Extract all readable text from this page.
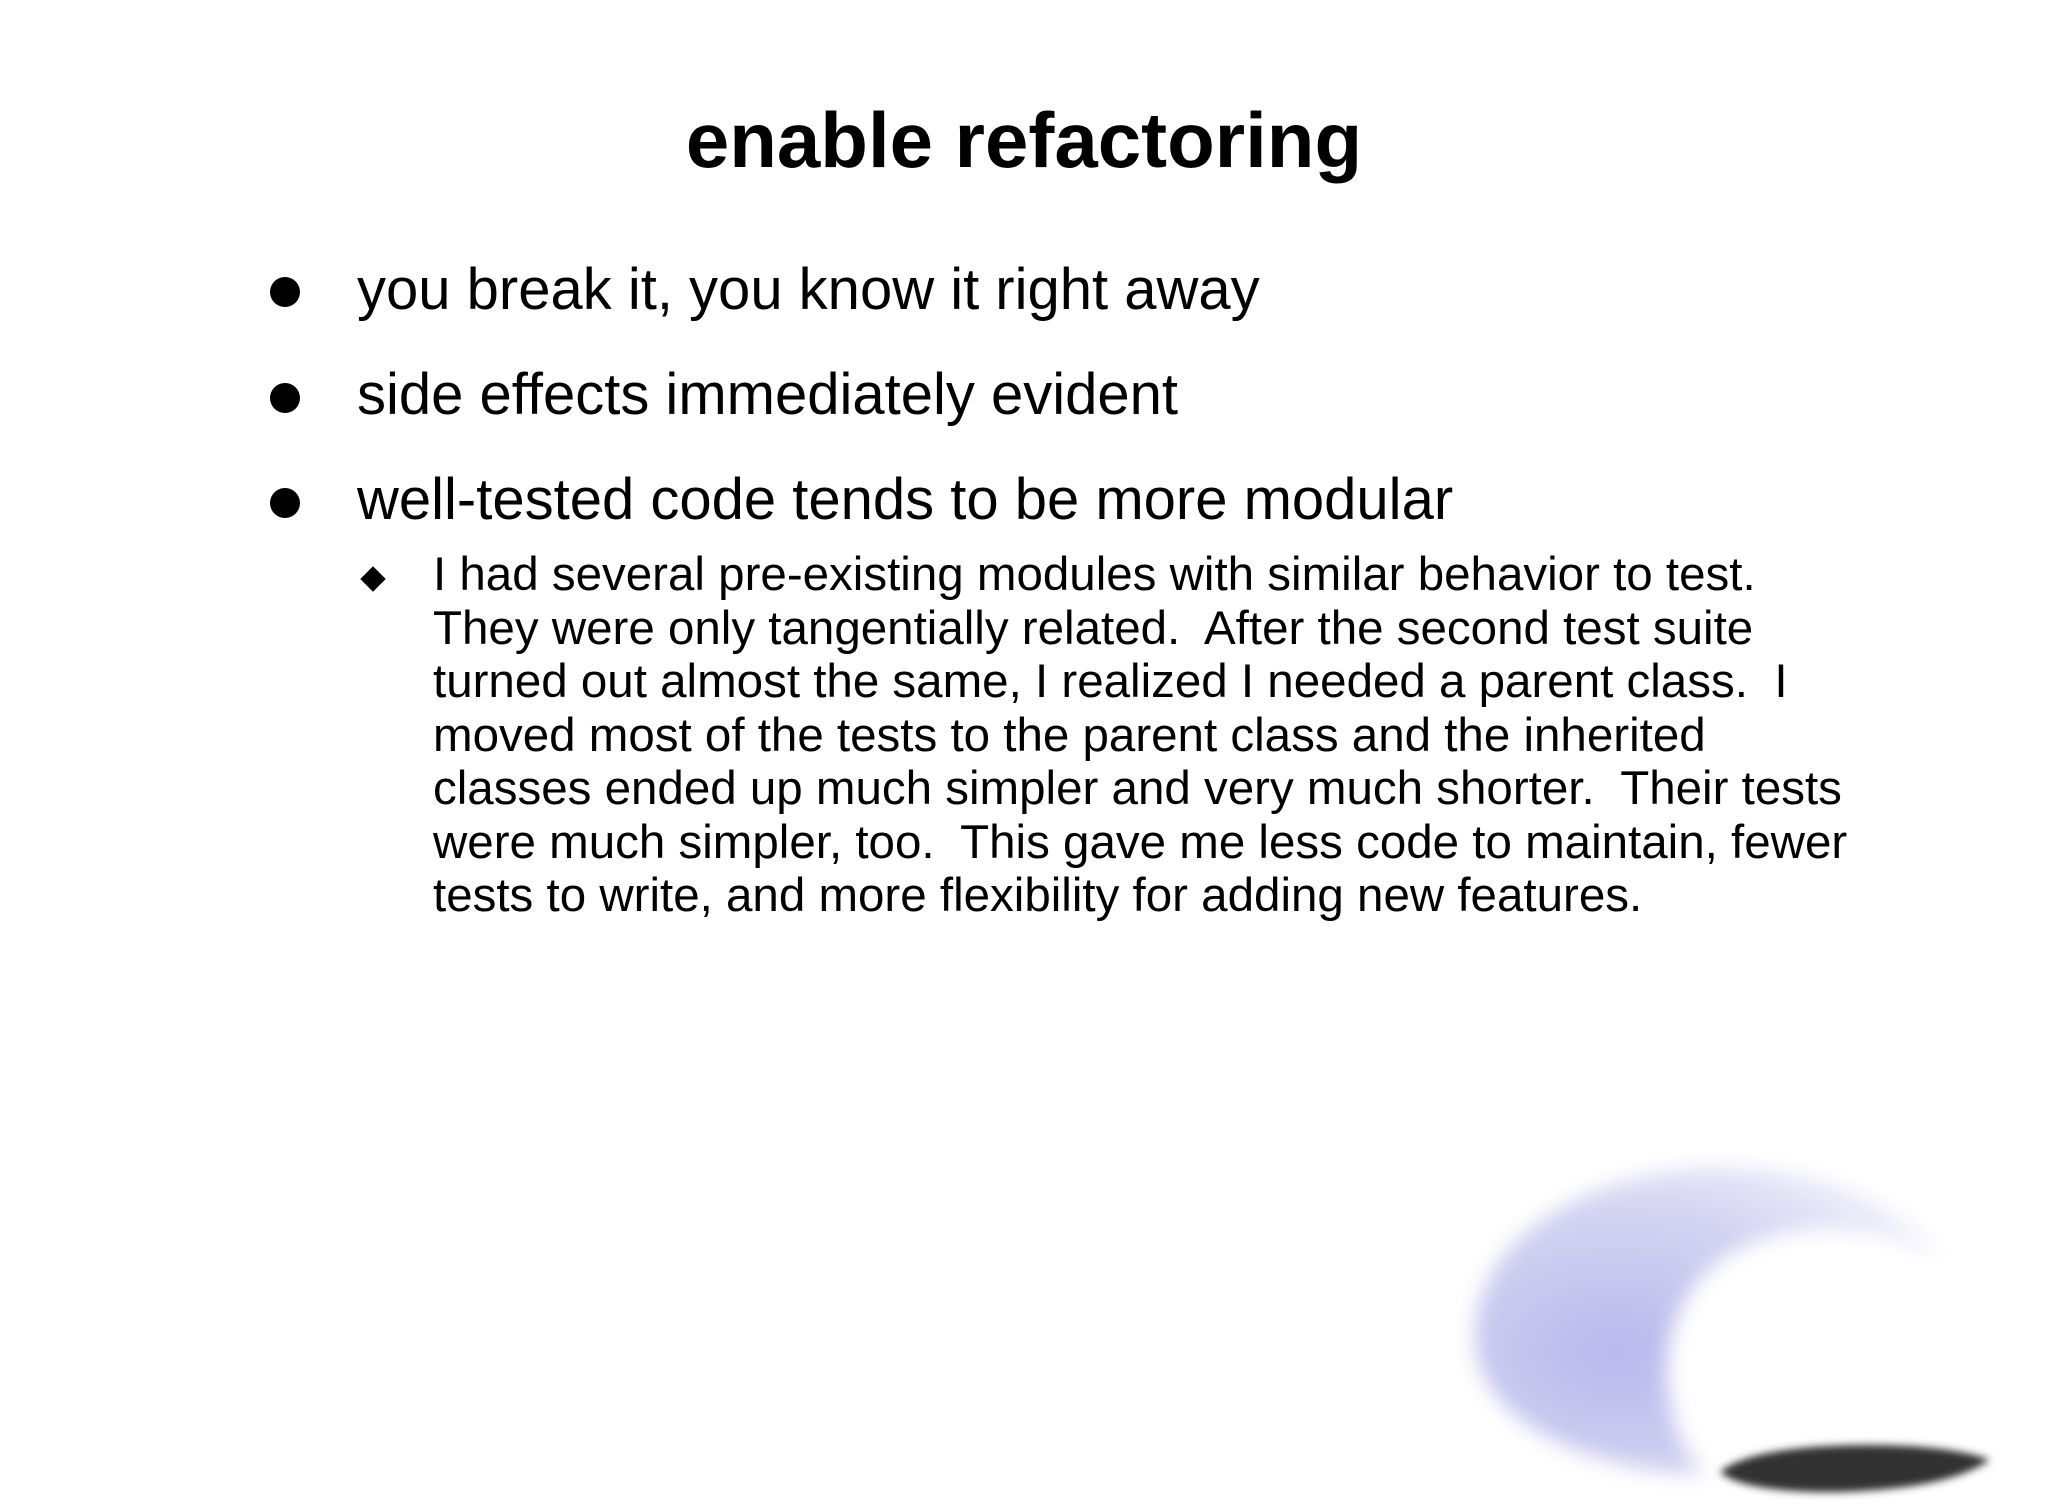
enable refactoring
you break it, you know it right away
side effects immediately evident
well-tested code tends to be more modular
I had several pre-existing modules with similar behavior to test.
They were only tangentially related.  After the second test suite
turned out almost the same, I realized I needed a parent class.  I
moved most of the tests to the parent class and the inherited
classes ended up much simpler and very much shorter.  Their tests
were much simpler, too.  This gave me less code to maintain, fewer
tests to write, and more flexibility for adding new features.
